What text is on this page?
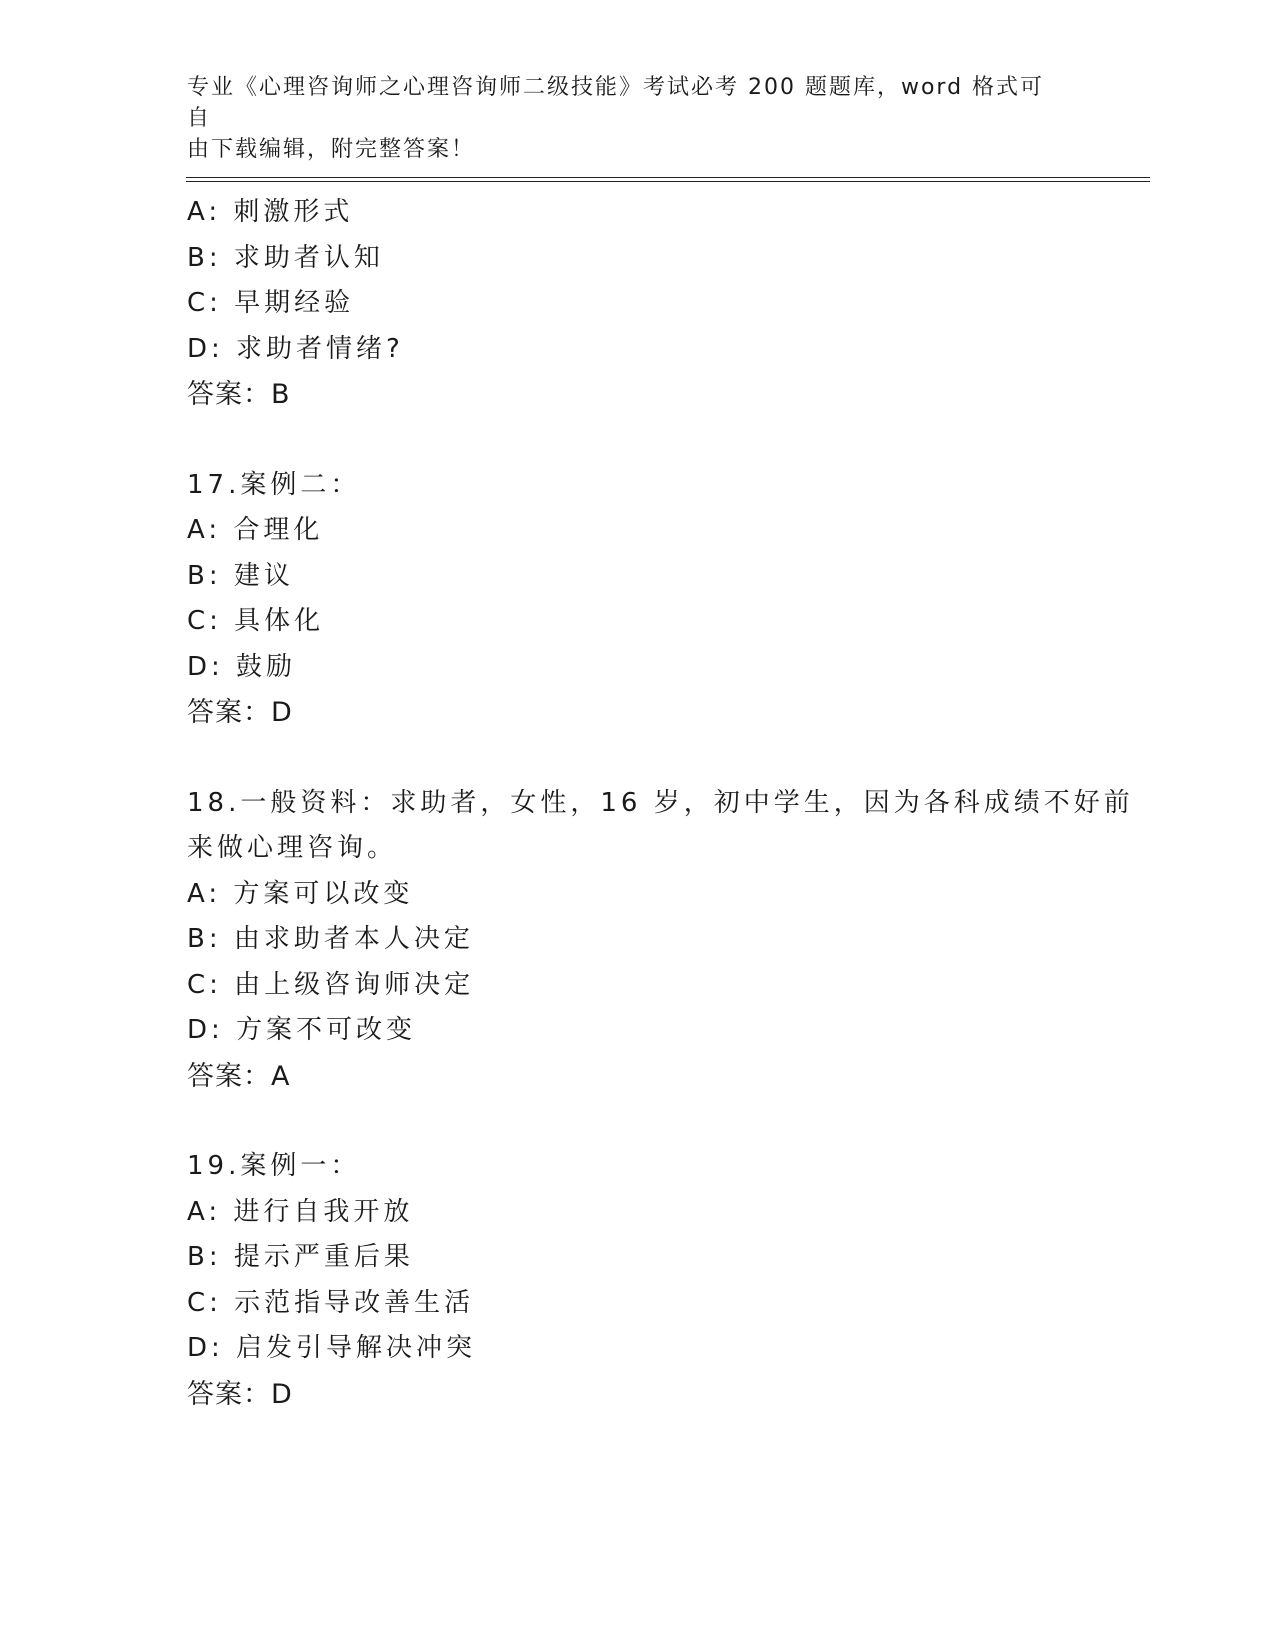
专业《心理咨询师之心理咨询师二级技能》考试必考 200 题题库，word 格式可自
由下载编辑，附完整答案！
A: 刺激形式
B: 求助者认知
C: 早期经验
D: 求助者情绪?
答案：B
17.案例二：
A: 合理化
B: 建议
C: 具体化
D: 鼓励
答案：D
18.一般资料：求助者，女性，16 岁，初中学生，因为各科成绩不好前
来做心理咨询。
A: 方案可以改变
B: 由求助者本人决定
C: 由上级咨询师决定
D: 方案不可改变
答案：A
19.案例一：
A: 进行自我开放
B: 提示严重后果
C: 示范指导改善生活
D: 启发引导解决冲突
答案：D
